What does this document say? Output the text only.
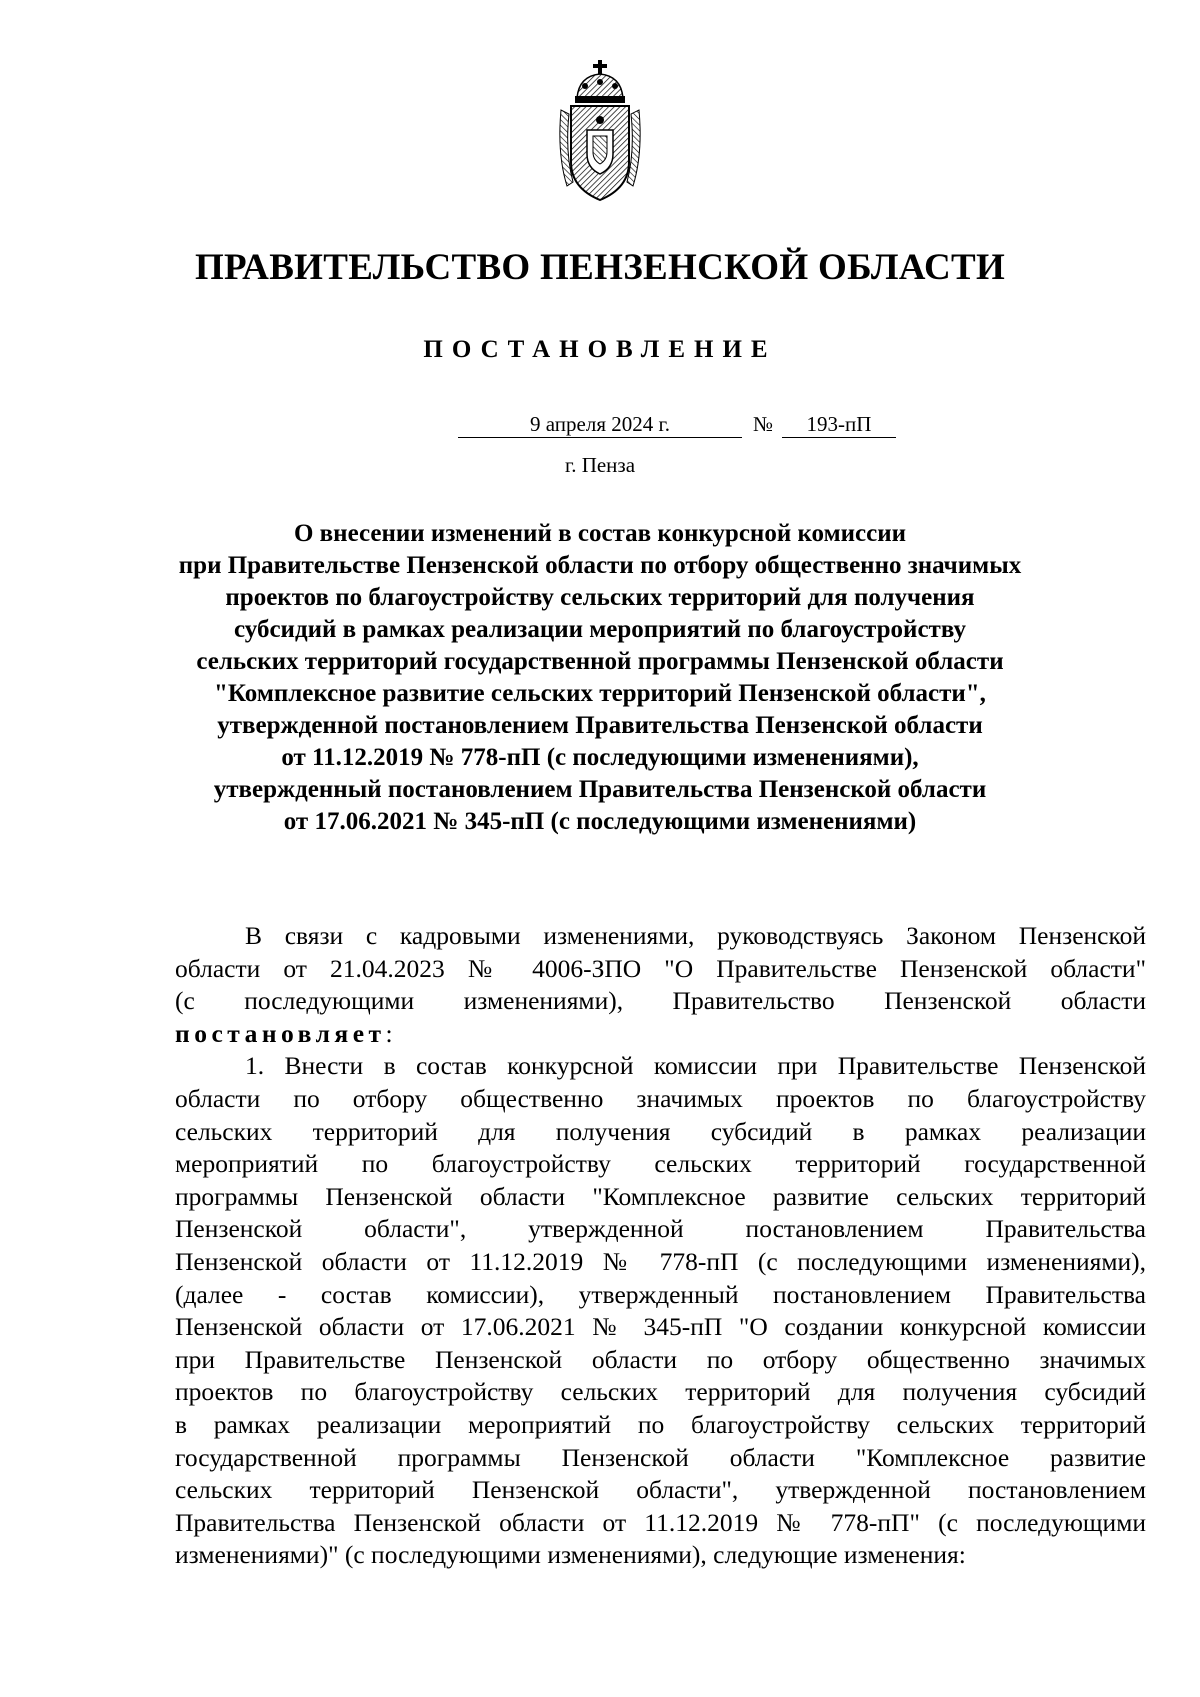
ПРАВИТЕЛЬСТВО ПЕНЗЕНСКОЙ ОБЛАСТИ
ПОСТАНОВЛЕНИЕ
9 апреля 2024 г.	№	193-пП
г. Пенза
О внесении изменений в состав конкурсной комиссии
при Правительстве Пензенской области по отбору общественно значимых
проектов по благоустройству сельских территорий для получения
субсидий в рамках реализации мероприятий по благоустройству
сельских территорий государственной программы Пензенской области
"Комплексное развитие сельских территорий Пензенской области",
утвержденной постановлением Правительства Пензенской области
от 11.12.2019 № 778-пП (с последующими изменениями),
утвержденный постановлением Правительства Пензенской области
от 17.06.2021 № 345-пП (с последующими изменениями)
В связи с кадровыми изменениями, руководствуясь Законом Пензенской
области от 21.04.2023 № 4006-ЗПО "О Правительстве Пензенской области"
(с последующими изменениями), Правительство Пензенской области
постановляет:
1. Внести в состав конкурсной комиссии при Правительстве Пензенской
области по отбору общественно значимых проектов по благоустройству
сельских территорий для получения субсидий в рамках реализации
мероприятий по благоустройству сельских территорий государственной
программы Пензенской области "Комплексное развитие сельских территорий
Пензенской области", утвержденной постановлением Правительства
Пензенской области от 11.12.2019 № 778-пП (с последующими изменениями),
(далее - состав комиссии), утвержденный постановлением Правительства
Пензенской области от 17.06.2021 № 345-пП "О создании конкурсной комиссии
при Правительстве Пензенской области по отбору общественно значимых
проектов по благоустройству сельских территорий для получения субсидий
в рамках реализации мероприятий по благоустройству сельских территорий
государственной программы Пензенской области "Комплексное развитие
сельских территорий Пензенской области", утвержденной постановлением
Правительства Пензенской области от 11.12.2019 № 778-пП" (с последующими
изменениями)" (с последующими изменениями), следующие изменения:
